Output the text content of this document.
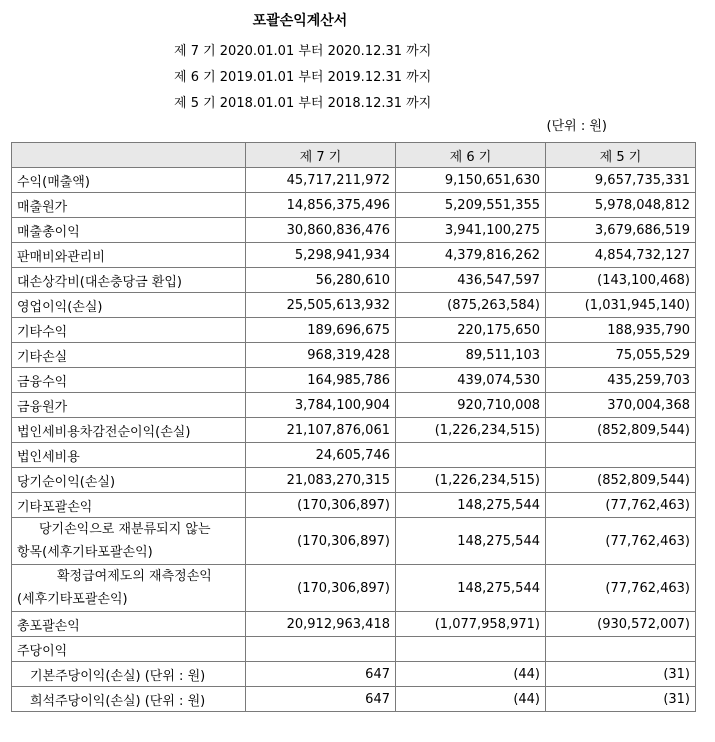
포괄손익계산서
제 7 기 2020.01.01 부터 2020.12.31 까지
제 6 기 2019.01.01 부터 2019.12.31 까지
제 5 기 2018.01.01 부터 2018.12.31 까지
(단위 : 원)
	제 7 기	제 6 기	제 5 기
수익(매출액)	45,717,211,972	9,150,651,630	9,657,735,331
매출원가	14,856,375,496	5,209,551,355	5,978,048,812
매출총이익	30,860,836,476	3,941,100,275	3,679,686,519
판매비와관리비	5,298,941,934	4,379,816,262	4,854,732,127
대손상각비(대손충당금 환입)	56,280,610	436,547,597	(143,100,468)
영업이익(손실)	25,505,613,932	(875,263,584)	(1,031,945,140)
기타수익	189,696,675	220,175,650	188,935,790
기타손실	968,319,428	89,511,103	75,055,529
금융수익	164,985,786	439,074,530	435,259,703
금융원가	3,784,100,904	920,710,008	370,004,368
법인세비용차감전순이익(손실)	21,107,876,061	(1,226,234,515)	(852,809,544)
법인세비용	24,605,746		
당기순이익(손실)	21,083,270,315	(1,226,234,515)	(852,809,544)
기타포괄손익	(170,306,897)	148,275,544	(77,762,463)

당기손익으로 재분류되지 않는
항목(세후기타포괄손익)	(170,306,897)	148,275,544	(77,762,463)

확정급여제도의 재측정손익
(세후기타포괄손익)	(170,306,897)	148,275,544	(77,762,463)
총포괄손익	20,912,963,418	(1,077,958,971)	(930,572,007)
주당이익			
기본주당이익(손실) (단위 : 원)	647	(44)	(31)
희석주당이익(손실) (단위 : 원)	647	(44)	(31)
